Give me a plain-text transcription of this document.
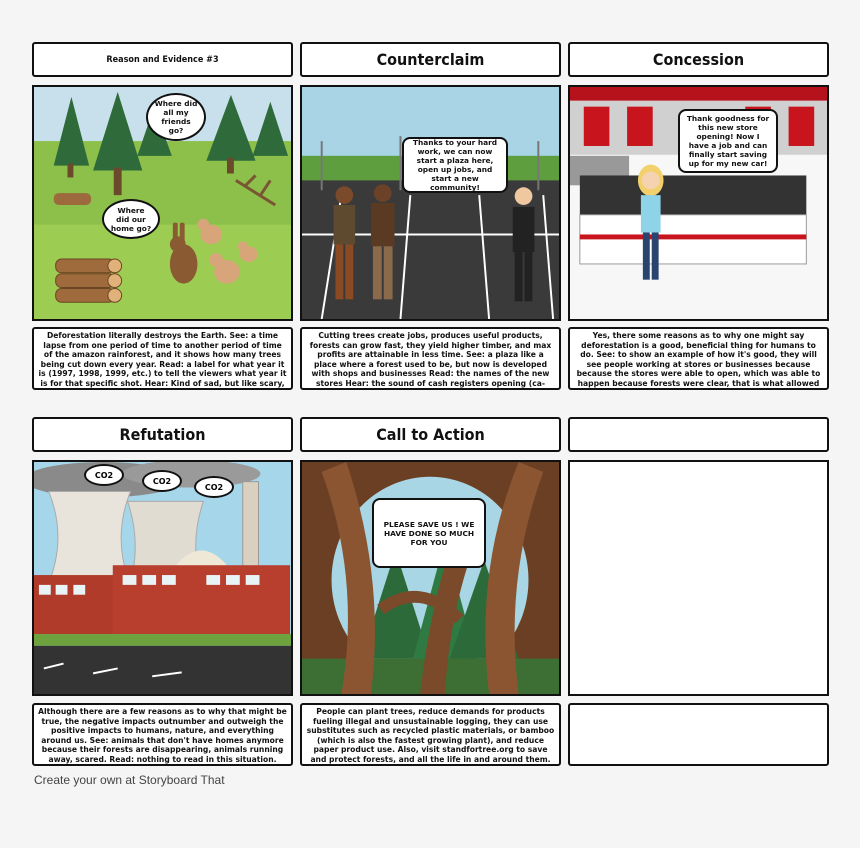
Reason and Evidence #3	Counterclaim	Concession
Where did all my friends go?
Where did our home go?
Thanks to your hard work, we can now start a plaza here, open up jobs, and start a new community!
Thank goodness for this new store opening! Now I have a job and can finally start saving up for my new car!
Deforestation literally destroys the Earth. See: a time lapse from one period of time to another period of time of the amazon rainforest, and it shows how many trees being cut down every year. Read: a label for what year it is (1997, 1998, 1999, etc.) to tell the viewers what year it is for that specific shot. Hear: Kind of sad, but like scary,
Cutting trees create jobs, produces useful products, forests can grow fast, they yield higher timber, and max profits are attainable in less time. See: a plaza like a place where a forest used to be, but now is developed with shops and businesses Read: the names of the new stores Hear: the sound of cash registers opening (ca-
Yes, there some reasons as to why one might say deforestation is a good, beneficial thing for humans to do. See: to show an example of how it's good, they will see people working at stores or businesses because because the stores were able to open, which was able to happen because forests were clear, that is what allowed
Refutation	Call to Action
CO2
CO2
CO2
PLEASE SAVE US ! WE HAVE DONE SO MUCH FOR YOU
Although there are a few reasons as to why that might be true, the negative impacts outnumber and outweigh the positive impacts to humans, nature, and everything around us. See: animals that don't have homes anymore because their forests are disappearing, animals running away, scared. Read: nothing to read in this situation.
People can plant trees, reduce demands for products fueling illegal and unsustainable logging, they can use substitutes such as recycled plastic materials, or bamboo (which is also the fastest growing plant), and reduce paper product use. Also, visit standfortree.org to save and protect forests, and all the life in and around them.
Create your own at Storyboard That
